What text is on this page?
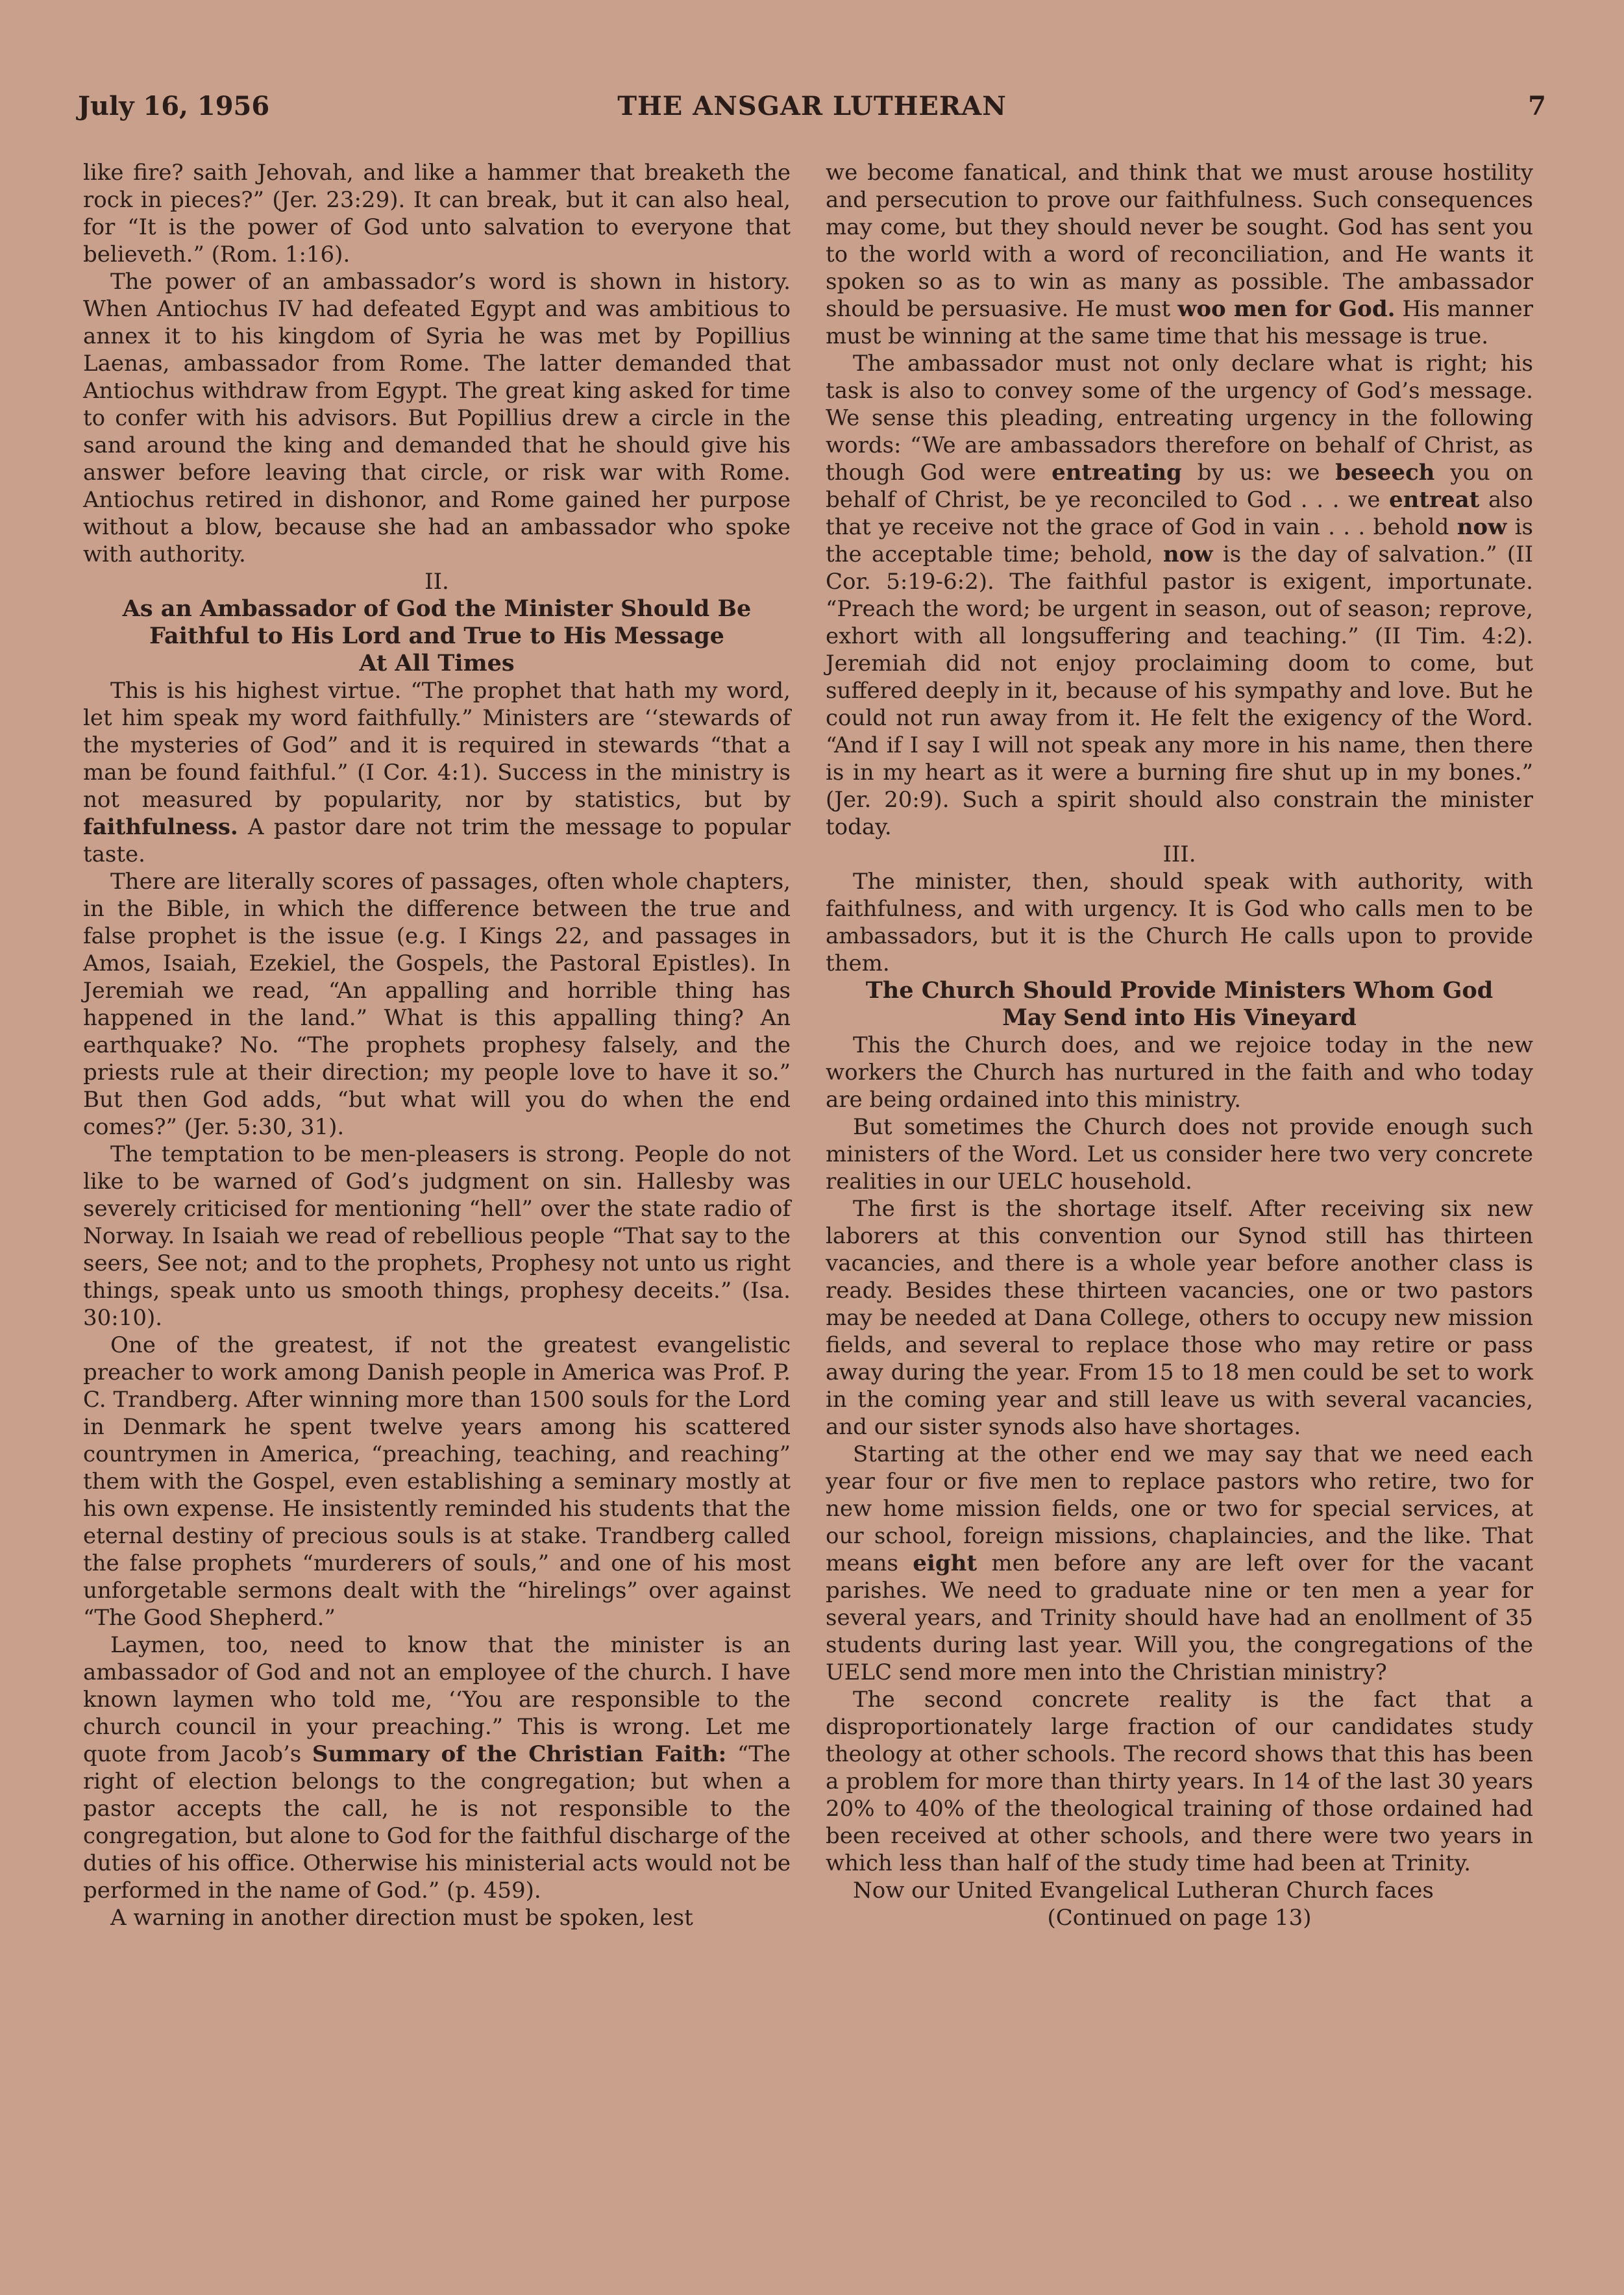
July 16, 1956	THE ANSGAR LUTHERAN	7

like fire? saith Jehovah, and like a hammer that breaketh the rock in pieces?” (Jer. 23:29). It can break, but it can also heal, for “It is the power of God unto salvation to everyone that believeth.” (Rom. 1:16).

The power of an ambassador’s word is shown in history. When Antiochus IV had defeated Egypt and was ambitious to annex it to his kingdom of Syria he was met by Popillius Laenas, ambassador from Rome. The latter demanded that Antiochus withdraw from Egypt. The great king asked for time to confer with his advisors. But Popillius drew a circle in the sand around the king and demanded that he should give his answer before leaving that circle, or risk war with Rome. Antiochus retired in dishonor, and Rome gained her purpose without a blow, because she had an ambassador who spoke with authority.

II.

As an Ambassador of God the Minister Should Be

Faithful to His Lord and True to His Message

At All Times

This is his highest virtue. “The prophet that hath my word, let him speak my word faithfully.” Ministers are ‘‘stewards of the mysteries of God” and it is required in stewards “that a man be found faithful.” (I Cor. 4:1). Success in the ministry is not measured by popularity, nor by statistics, but by faithfulness. A pastor dare not trim the message to popular taste.

There are literally scores of passages, often whole chapters, in the Bible, in which the difference between the true and false prophet is the issue (e.g. I Kings 22, and passages in Amos, Isaiah, Ezekiel, the Gospels, the Pastoral Epistles). In Jeremiah we read, “An appalling and horrible thing has happened in the land.” What is this appalling thing? An earthquake? No. “The prophets prophesy falsely, and the priests rule at their direction; my people love to have it so.” But then God adds, “but what will you do when the end comes?” (Jer. 5:30, 31).

The temptation to be men-pleasers is strong. People do not like to be warned of God’s judgment on sin. Hallesby was severely criticised for mentioning “hell” over the state radio of Norway. In Isaiah we read of rebellious people “That say to the seers, See not; and to the prophets, Prophesy not unto us right things, speak unto us smooth things, prophesy deceits.” (Isa. 30:10).

One of the greatest, if not the greatest evangelistic preacher to work among Danish people in America was Prof. P. C. Trandberg. After winning more than 1500 souls for the Lord in Denmark he spent twelve years among his scattered countrymen in America, “preaching, teaching, and reaching” them with the Gospel, even establishing a seminary mostly at his own expense. He insistently reminded his students that the eternal destiny of precious souls is at stake. Trandberg called the false prophets “murderers of souls,” and one of his most unforgetable sermons dealt with the “hirelings” over against “The Good Shepherd.”

Laymen, too, need to know that the minister is an ambassador of God and not an employee of the church. I have known laymen who told me, ‘‘You are responsible to the church council in your preaching.” This is wrong. Let me quote from Jacob’s Summary of the Christian Faith: “The right of election belongs to the congregation; but when a pastor accepts the call, he is not responsible to the congregation, but alone to God for the faithful discharge of the duties of his office. Otherwise his ministerial acts would not be performed in the name of God.” (p. 459).

A warning in another direction must be spoken, lest

we become fanatical, and think that we must arouse hostility and persecution to prove our faithfulness. Such consequences may come, but they should never be sought. God has sent you to the world with a word of reconciliation, and He wants it spoken so as to win as many as possible. The ambassador should be persuasive. He must woo men for God. His manner must be winning at the same time that his message is true.

The ambassador must not only declare what is right; his task is also to convey some of the urgency of God’s message. We sense this pleading, entreating urgency in the following words: “We are ambassadors therefore on behalf of Christ, as though God were entreating by us: we beseech you on behalf of Christ, be ye reconciled to God . . . we entreat also that ye receive not the grace of God in vain . . . behold now is the acceptable time; behold, now is the day of salvation.” (II Cor. 5:19-6:2). The faithful pastor is exigent, importunate. “Preach the word; be urgent in season, out of season; reprove, exhort with all longsuffering and teaching.” (II Tim. 4:2). Jeremiah did not enjoy proclaiming doom to come, but suffered deeply in it, because of his sympathy and love. But he could not run away from it. He felt the exigency of the Word. “And if I say I will not speak any more in his name, then there is in my heart as it were a burning fire shut up in my bones.” (Jer. 20:9). Such a spirit should also constrain the minister today.

III.

The minister, then, should speak with authority, with faithfulness, and with urgency. It is God who calls men to be ambassadors, but it is the Church He calls upon to provide them.

The Church Should Provide Ministers Whom God

May Send into His Vineyard

This the Church does, and we rejoice today in the new workers the Church has nurtured in the faith and who today are being ordained into this ministry.

But sometimes the Church does not provide enough such ministers of the Word. Let us consider here two very concrete realities in our UELC household.

The first is the shortage itself. After receiving six new laborers at this convention our Synod still has thirteen vacancies, and there is a whole year before another class is ready. Besides these thirteen vacancies, one or two pastors may be needed at Dana College, others to occupy new mission fields, and several to replace those who may retire or pass away during the year. From 15 to 18 men could be set to work in the coming year and still leave us with several vacancies, and our sister synods also have shortages.

Starting at the other end we may say that we need each year four or five men to replace pastors who retire, two for new home mission fields, one or two for special services, at our school, foreign missions, chaplaincies, and the like. That means eight men before any are left over for the vacant parishes. We need to graduate nine or ten men a year for several years, and Trinity should have had an enollment of 35 students during last year. Will you, the congregations of the UELC send more men into the Christian ministry?

The second concrete reality is the fact that a disproportionately large fraction of our candidates study theology at other schools. The record shows that this has been a problem for more than thirty years. In 14 of the last 30 years 20% to 40% of the theological training of those ordained had been received at other schools, and there were two years in which less than half of the study time had been at Trinity.

Now our United Evangelical Lutheran Church faces

(Continued on page 13)
